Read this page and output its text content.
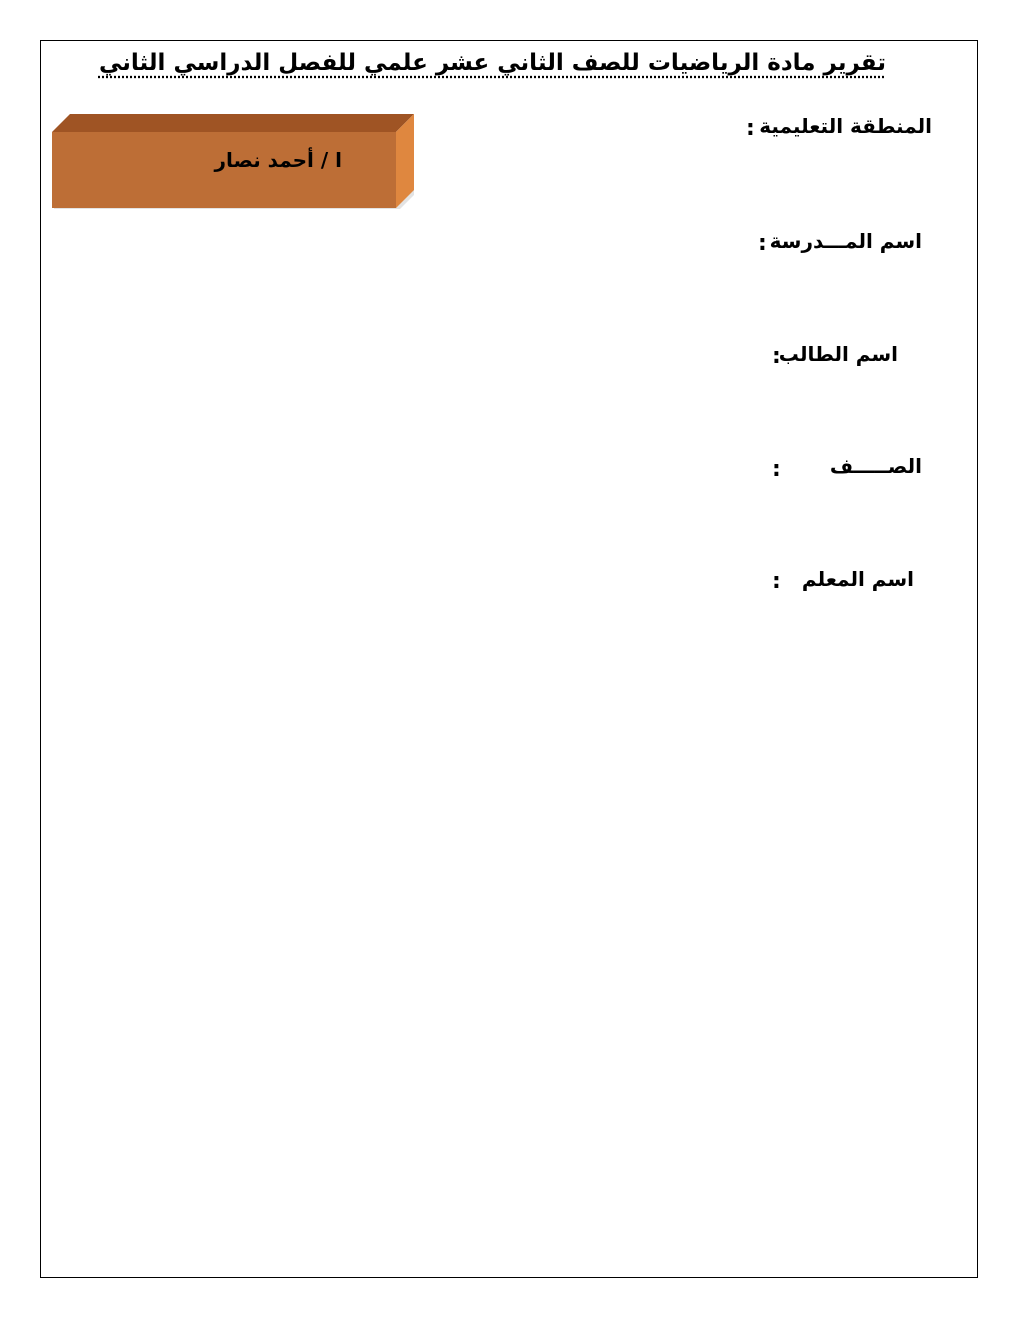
تقرير مادة الرياضيات للصف الثاني عشر علمي للفصل الدراسي الثاني
ا / أحمد نصار
المنطقة التعليمية
:
اسم المـــدرسة
:
اسم الطالب
:
الصـــــف
:
اسم المعلم
:
